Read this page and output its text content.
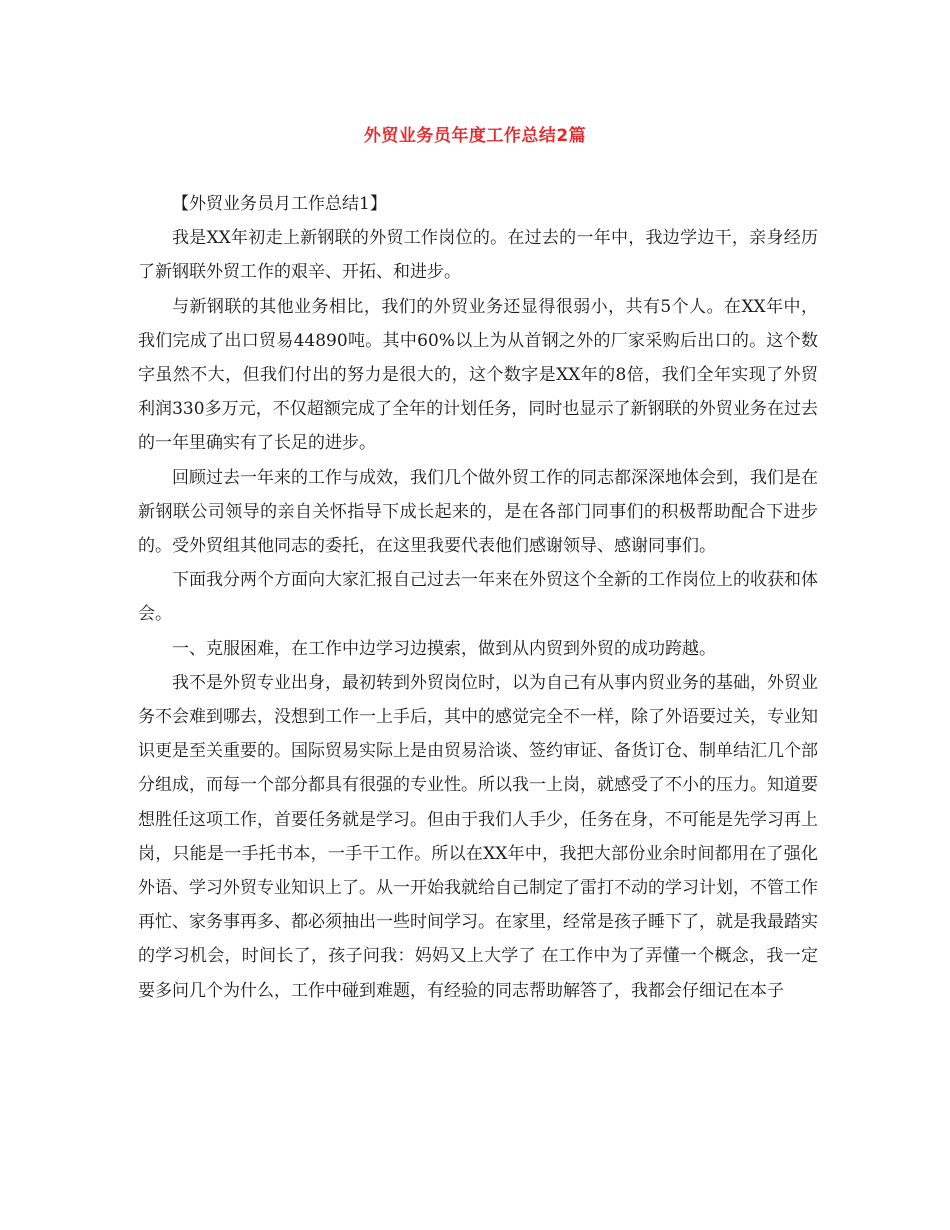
外贸业务员年度工作总结2篇

【外贸业务员月工作总结1】

我是XX年初走上新钢联的外贸工作岗位的。在过去的一年中，我边学边干，亲身经历了新钢联外贸工作的艰辛、开拓、和进步。

与新钢联的其他业务相比，我们的外贸业务还显得很弱小，共有5个人。在XX年中，我们完成了出口贸易44890吨。其中60%以上为从首钢之外的厂家采购后出口的。这个数字虽然不大，但我们付出的努力是很大的，这个数字是XX年的8倍，我们全年实现了外贸利润330多万元，不仅超额完成了全年的计划任务，同时也显示了新钢联的外贸业务在过去的一年里确实有了长足的进步。

回顾过去一年来的工作与成效，我们几个做外贸工作的同志都深深地体会到，我们是在新钢联公司领导的亲自关怀指导下成长起来的，是在各部门同事们的积极帮助配合下进步的。受外贸组其他同志的委托，在这里我要代表他们感谢领导、感谢同事们。

下面我分两个方面向大家汇报自己过去一年来在外贸这个全新的工作岗位上的收获和体会。

一、克服困难，在工作中边学习边摸索，做到从内贸到外贸的成功跨越。

我不是外贸专业出身，最初转到外贸岗位时，以为自己有从事内贸业务的基础，外贸业务不会难到哪去，没想到工作一上手后，其中的感觉完全不一样，除了外语要过关，专业知识更是至关重要的。国际贸易实际上是由贸易洽谈、签约审证、备货订仓、制单结汇几个部分组成，而每一个部分都具有很强的专业性。所以我一上岗，就感受了不小的压力。知道要想胜任这项工作，首要任务就是学习。但由于我们人手少，任务在身，不可能是先学习再上岗，只能是一手托书本，一手干工作。所以在XX年中，我把大部份业余时间都用在了强化外语、学习外贸专业知识上了。从一开始我就给自己制定了雷打不动的学习计划，不管工作再忙、家务事再多、都必须抽出一些时间学习。在家里，经常是孩子睡下了，就是我最踏实的学习机会，时间长了，孩子问我：妈妈又上大学了 在工作中为了弄懂一个概念，我一定要多问几个为什么，工作中碰到难题，有经验的同志帮助解答了，我都会仔细记在本子
